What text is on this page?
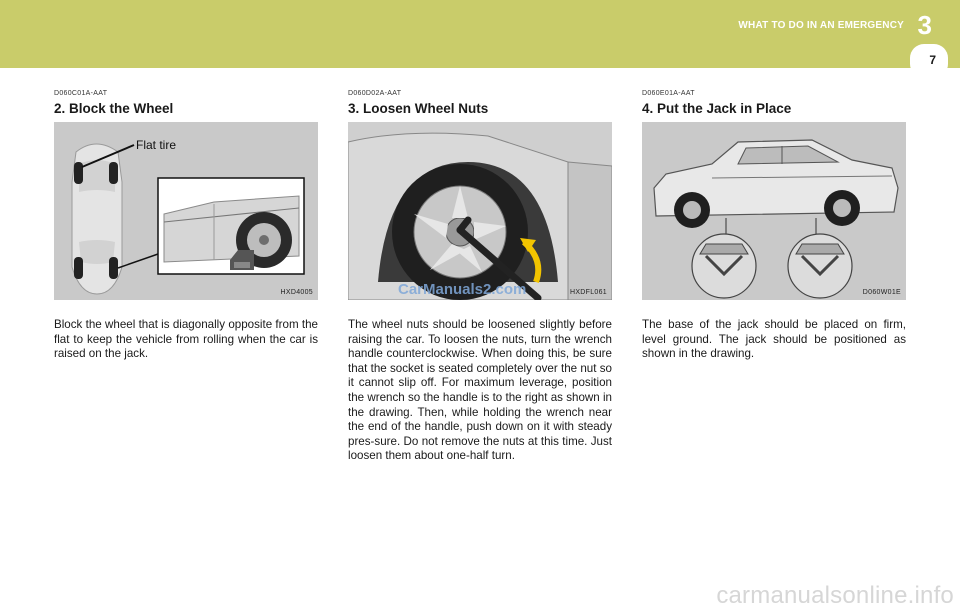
WHAT TO DO IN AN EMERGENCY 3
7
D060C01A-AAT
2. Block the Wheel
Flat tire
HXD4005
Block the wheel that is diagonally opposite from the flat to keep the vehicle from rolling when the car is raised on the jack.
D060D02A-AAT
3. Loosen Wheel Nuts
CarManuals2.com	HXDFL061
The wheel nuts should be loosened slightly before raising the car. To loosen the nuts, turn the wrench handle counterclockwise. When doing this, be sure that the socket is seated completely over the nut so it cannot slip off. For maximum leverage, position the wrench so the handle is to the right as shown in the drawing. Then, while holding the wrench near the end of the handle, push down on it with steady pres-sure. Do not remove the nuts at this time. Just loosen them about one-half turn.
D060E01A-AAT
4. Put the Jack in Place
D060W01E
The base of the jack should be placed on firm, level ground. The jack should be positioned as shown in the drawing.
carmanualsonline.info
